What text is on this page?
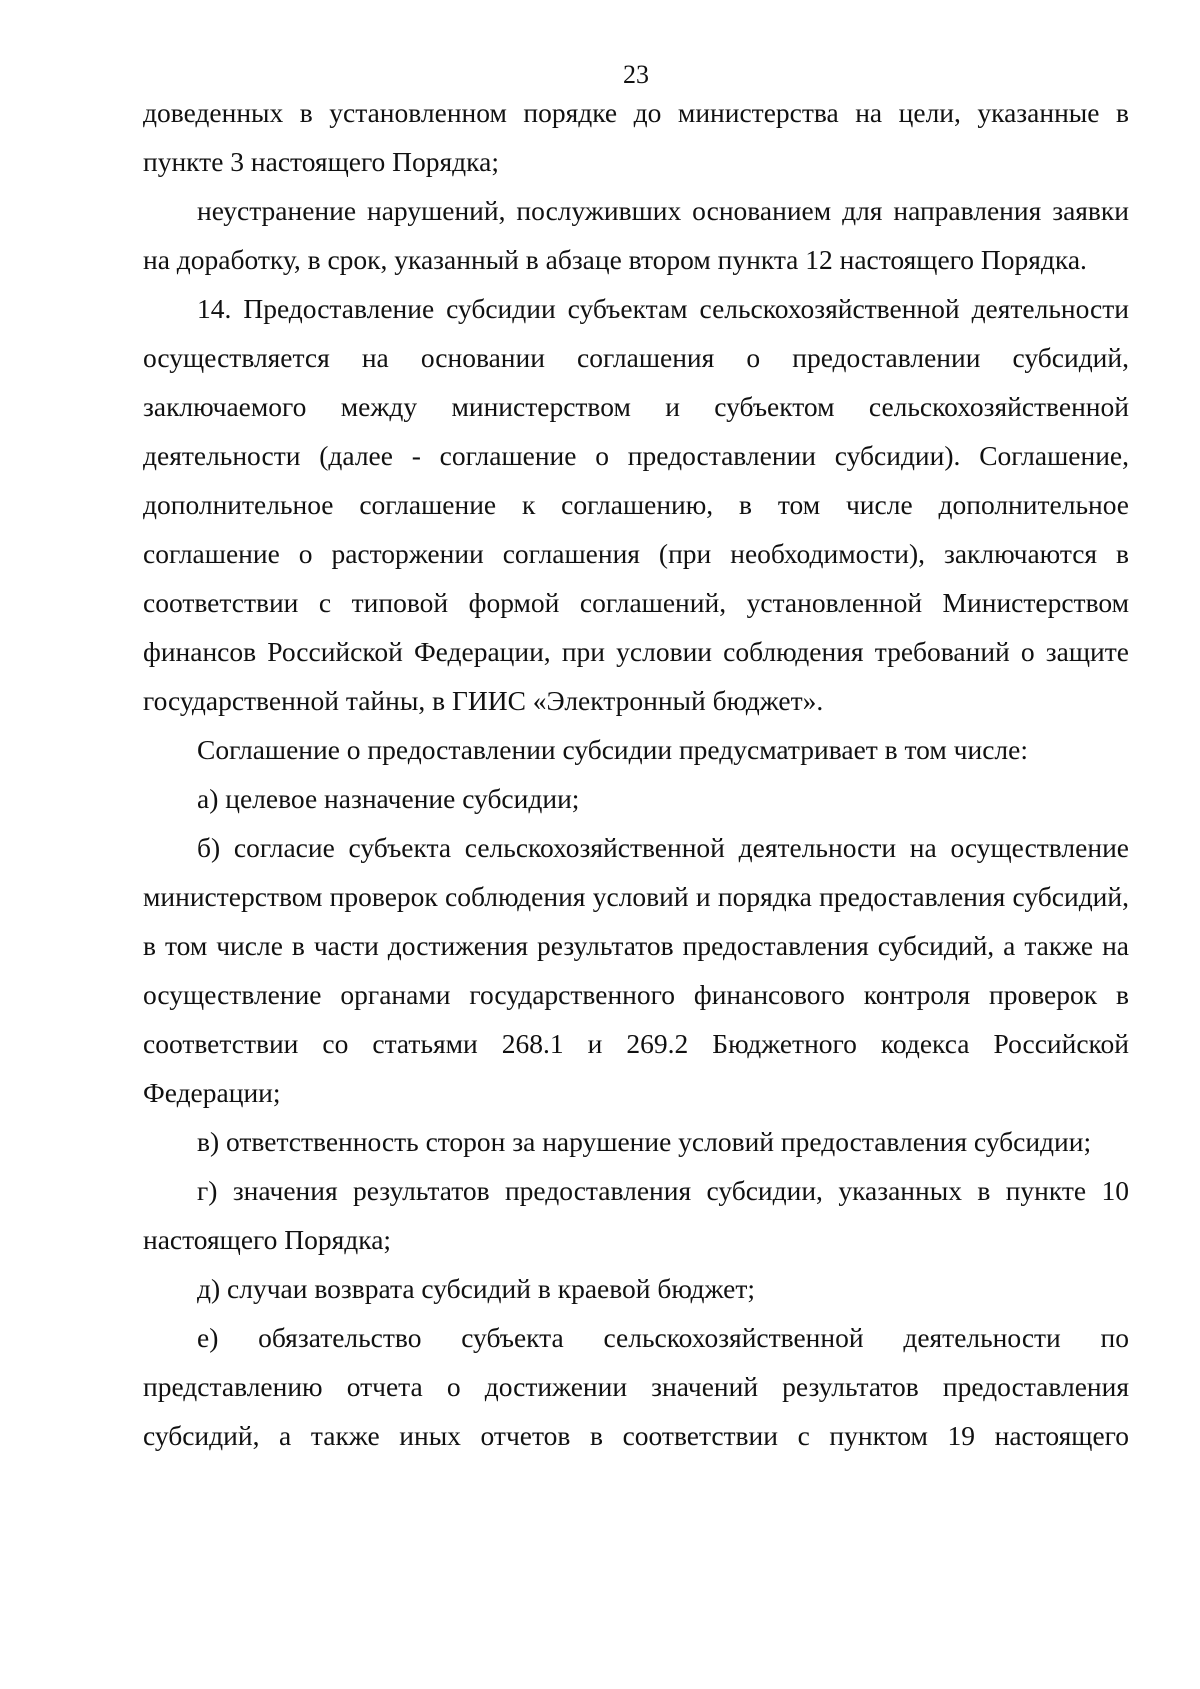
23

доведенных в установленном порядке до министерства на цели, указанные в пункте 3 настоящего Порядка;

неустранение нарушений, послуживших основанием для направления заявки на доработку, в срок, указанный в абзаце втором пункта 12 настоящего Порядка.

14. Предоставление субсидии субъектам сельскохозяйственной деятельности осуществляется на основании соглашения о предоставлении субсидий, заключаемого между министерством и субъектом сельскохозяйственной деятельности (далее - соглашение о предоставлении субсидии). Соглашение, дополнительное соглашение к соглашению, в том числе дополнительное соглашение о расторжении соглашения (при необходимости), заключаются в соответствии с типовой формой соглашений, установленной Министерством финансов Российской Федерации, при условии соблюдения требований о защите государственной тайны, в ГИИС «Электронный бюджет».

Соглашение о предоставлении субсидии предусматривает в том числе:

а) целевое назначение субсидии;

б) согласие субъекта сельскохозяйственной деятельности на осуществление министерством проверок соблюдения условий и порядка предоставления субсидий, в том числе в части достижения результатов предоставления субсидий, а также на осуществление органами государственного финансового контроля проверок в соответствии со статьями 268.1 и 269.2 Бюджетного кодекса Российской Федерации;

в) ответственность сторон за нарушение условий предоставления субсидии;

г) значения результатов предоставления субсидии, указанных в пункте 10 настоящего Порядка;

д) случаи возврата субсидий в краевой бюджет;

е) обязательство субъекта сельскохозяйственной деятельности по представлению отчета о достижении значений результатов предоставления субсидий, а также иных отчетов в соответствии с пунктом 19 настоящего
